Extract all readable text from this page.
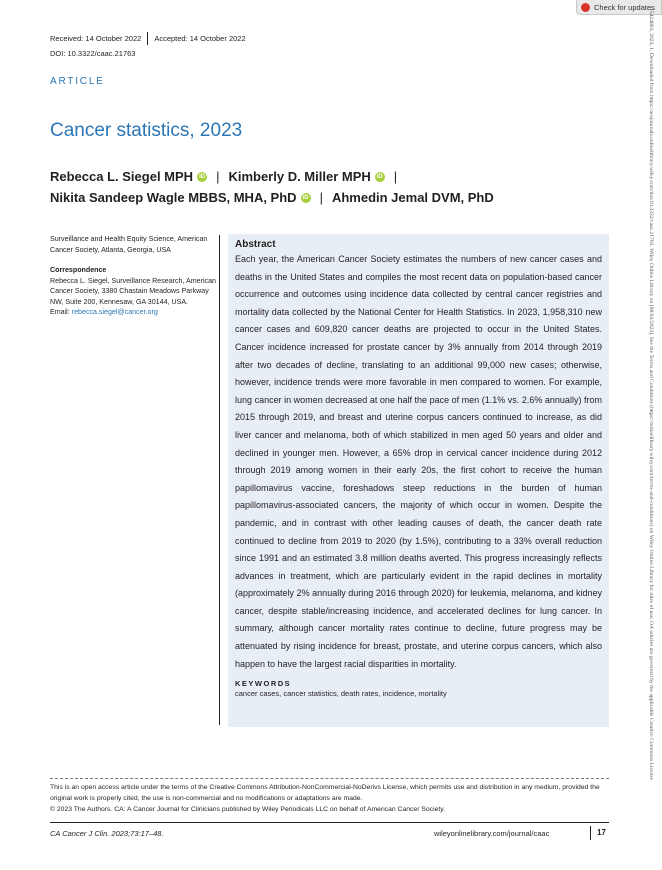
Check for updates
15424863, 2023, 1, Downloaded from https://acsjournals.onlinelibrary.wiley.com/doi/10.3322/caac.21763, Wiley Online Library on [08/03/2023]. See the Terms and Conditions (https://onlinelibrary.wiley.com/terms-and-conditions) on Wiley Online Library for rules of use; OA articles are governed by the applicable Creative Commons License
Received: 14 October 2022 Accepted: 14 October 2022
DOI: 10.3322/caac.21763
ARTICLE
Cancer statistics, 2023
Rebecca L. Siegel MPH	iD | Kimberly D. Miller MPH	iD |
Nikita Sandeep Wagle MBBS, MHA, PhD	iD | Ahmedin Jemal DVM, PhD
Surveillance and Health Equity Science, American Cancer Society, Atlanta, Georgia, USA
Correspondence
Rebecca L. Siegel, Surveillance Research, American Cancer Society, 3380 Chastain Meadows Parkway NW, Suite 200, Kennesaw, GA 30144, USA.
Email: rebecca.siegel@cancer.org
Abstract
Each year, the American Cancer Society estimates the numbers of new cancer cases and deaths in the United States and compiles the most recent data on population-based cancer occurrence and outcomes using incidence data collected by central cancer registries and mortality data collected by the National Center for Health Statistics. In 2023, 1,958,310 new cancer cases and 609,820 cancer deaths are projected to occur in the United States. Cancer incidence increased for prostate cancer by 3% annually from 2014 through 2019 after two decades of decline, translating to an additional 99,000 new cases; otherwise, however, incidence trends were more favorable in men compared to women. For example, lung cancer in women decreased at one half the pace of men (1.1% vs. 2.6% annually) from 2015 through 2019, and breast and uterine corpus cancers continued to increase, as did liver cancer and melanoma, both of which stabilized in men aged 50 years and older and declined in younger men. However, a 65% drop in cervical cancer incidence during 2012 through 2019 among women in their early 20s, the first cohort to receive the human papillomavirus vaccine, foreshadows steep reductions in the burden of human papillomavirus-associated cancers, the majority of which occur in women. Despite the pandemic, and in contrast with other leading causes of death, the cancer death rate continued to decline from 2019 to 2020 (by 1.5%), contributing to a 33% overall reduction since 1991 and an estimated 3.8 million deaths averted. This progress increasingly reflects advances in treatment, which are particularly evident in the rapid declines in mortality (approximately 2% annually during 2016 through 2020) for leukemia, melanoma, and kidney cancer, despite stable/increasing incidence, and accelerated declines for lung cancer. In summary, although cancer mortality rates continue to decline, future progress may be attenuated by rising incidence for breast, prostate, and uterine corpus cancers, which also happen to have the largest racial disparities in mortality.
KEYWORDS
cancer cases, cancer statistics, death rates, incidence, mortality
This is an open access article under the terms of the Creative Commons Attribution-NonCommercial-NoDerivs License, which permits use and distribution in any medium, provided the original work is properly cited, the use is non-commercial and no modifications or adaptations are made.
© 2023 The Authors. CA: A Cancer Journal for Clinicians published by Wiley Periodicals LLC on behalf of American Cancer Society.
CA Cancer J Clin. 2023;73:17–48.	wileyonlinelibrary.com/journal/caac	17
